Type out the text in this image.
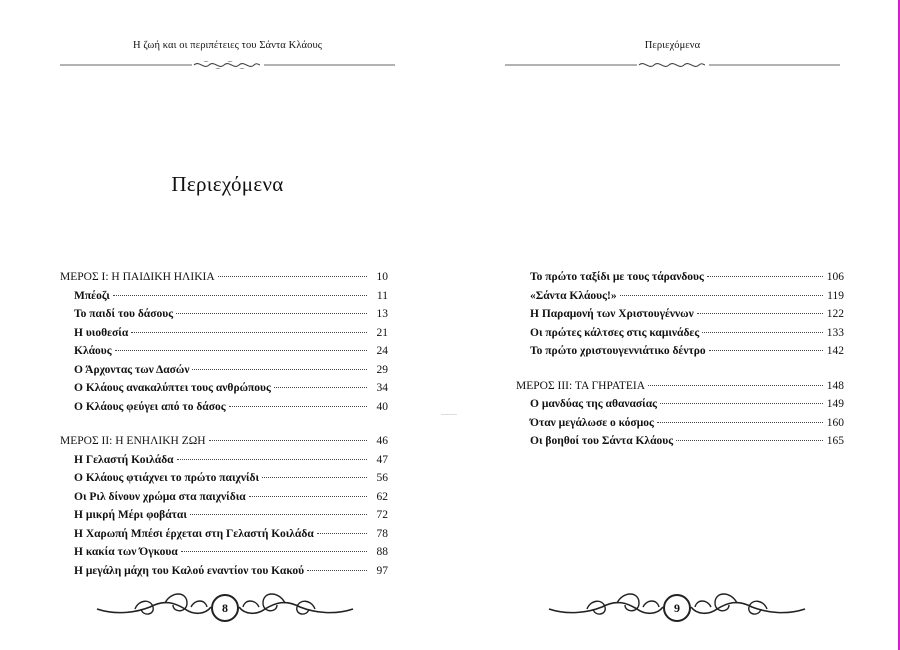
Η ζωή και οι περιπέτειες του Σάντα Κλάους
Περιεχόμενα
ΜΕΡΟΣ Ι: Η ΠΑΙΔΙΚΗ ΗΛΙΚΙΑ	10
Μπέοζι	11
Το παιδί του δάσους	13
Η υιοθεσία	21
Κλάους	24
Ο Άρχοντας των Δασών	29
Ο Κλάους ανακαλύπτει τους ανθρώπους	34
Ο Κλάους φεύγει από το δάσος	40
ΜΕΡΟΣ ΙΙ: Η ΕΝΗΛΙΚΗ ΖΩΗ	46
Η Γελαστή Κοιλάδα	47
Ο Κλάους φτιάχνει το πρώτο παιχνίδι	56
Οι Ριλ δίνουν χρώμα στα παιχνίδια	62
Η μικρή Μέρι φοβάται	72
Η Χαρωπή Μπέσι έρχεται στη Γελαστή Κοιλάδα	78
Η κακία των Όγκουα	88
Η μεγάλη μάχη του Καλού εναντίον του Κακού	97
8
Περιεχόμενα
Το πρώτο ταξίδι με τους τάρανδους	106
«Σάντα Κλάους!»	119
Η Παραμονή των Χριστουγέννων	122
Οι πρώτες κάλτσες στις καμινάδες	133
Το πρώτο χριστουγεννιάτικο δέντρο	142
ΜΕΡΟΣ ΙΙΙ: ΤΑ ΓΗΡΑΤΕΙΑ	148
Ο μανδύας της αθανασίας	149
Όταν μεγάλωσε ο κόσμος	160
Οι βοηθοί του Σάντα Κλάους	165
9
